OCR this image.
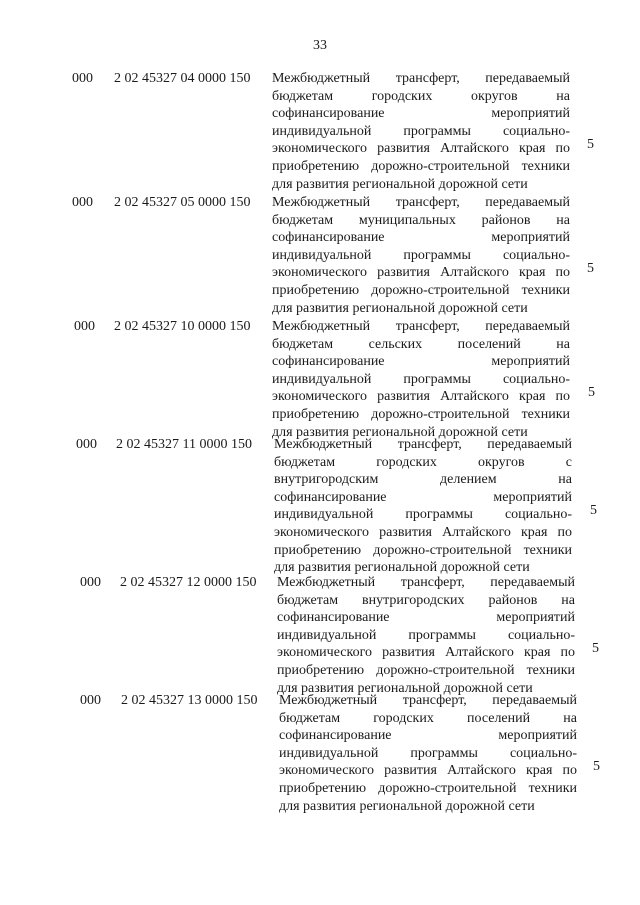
33
000 2 02 45327 04 0000 150 Межбюджетный трансферт, передаваемый
бюджетам городских округов на
софинансирование мероприятий
индивидуальной программы социально-
экономического развития Алтайского края по
приобретению дорожно-строительной техники
для развития региональной дорожной сети
5
000 2 02 45327 05 0000 150 Межбюджетный трансферт, передаваемый
бюджетам муниципальных районов на
софинансирование мероприятий
индивидуальной программы социально-
экономического развития Алтайского края по
приобретению дорожно-строительной техники
для развития региональной дорожной сети
5
000 2 02 45327 10 0000 150 Межбюджетный трансферт, передаваемый
бюджетам сельских поселений на
софинансирование мероприятий
индивидуальной программы социально-
экономического развития Алтайского края по
приобретению дорожно-строительной техники
для развития региональной дорожной сети
5
000 2 02 45327 11 0000 150 Межбюджетный трансферт, передаваемый
бюджетам городских округов с
внутригородским делением на
софинансирование мероприятий
индивидуальной программы социально-
экономического развития Алтайского края по
приобретению дорожно-строительной техники
для развития региональной дорожной сети
5
000 2 02 45327 12 0000 150 Межбюджетный трансферт, передаваемый
бюджетам внутригородских районов на
софинансирование мероприятий
индивидуальной программы социально-
экономического развития Алтайского края по
приобретению дорожно-строительной техники
для развития региональной дорожной сети
5
000 2 02 45327 13 0000 150 Межбюджетный трансферт, передаваемый
бюджетам городских поселений на
софинансирование мероприятий
индивидуальной программы социально-
экономического развития Алтайского края по
приобретению дорожно-строительной техники
для развития региональной дорожной сети
5
